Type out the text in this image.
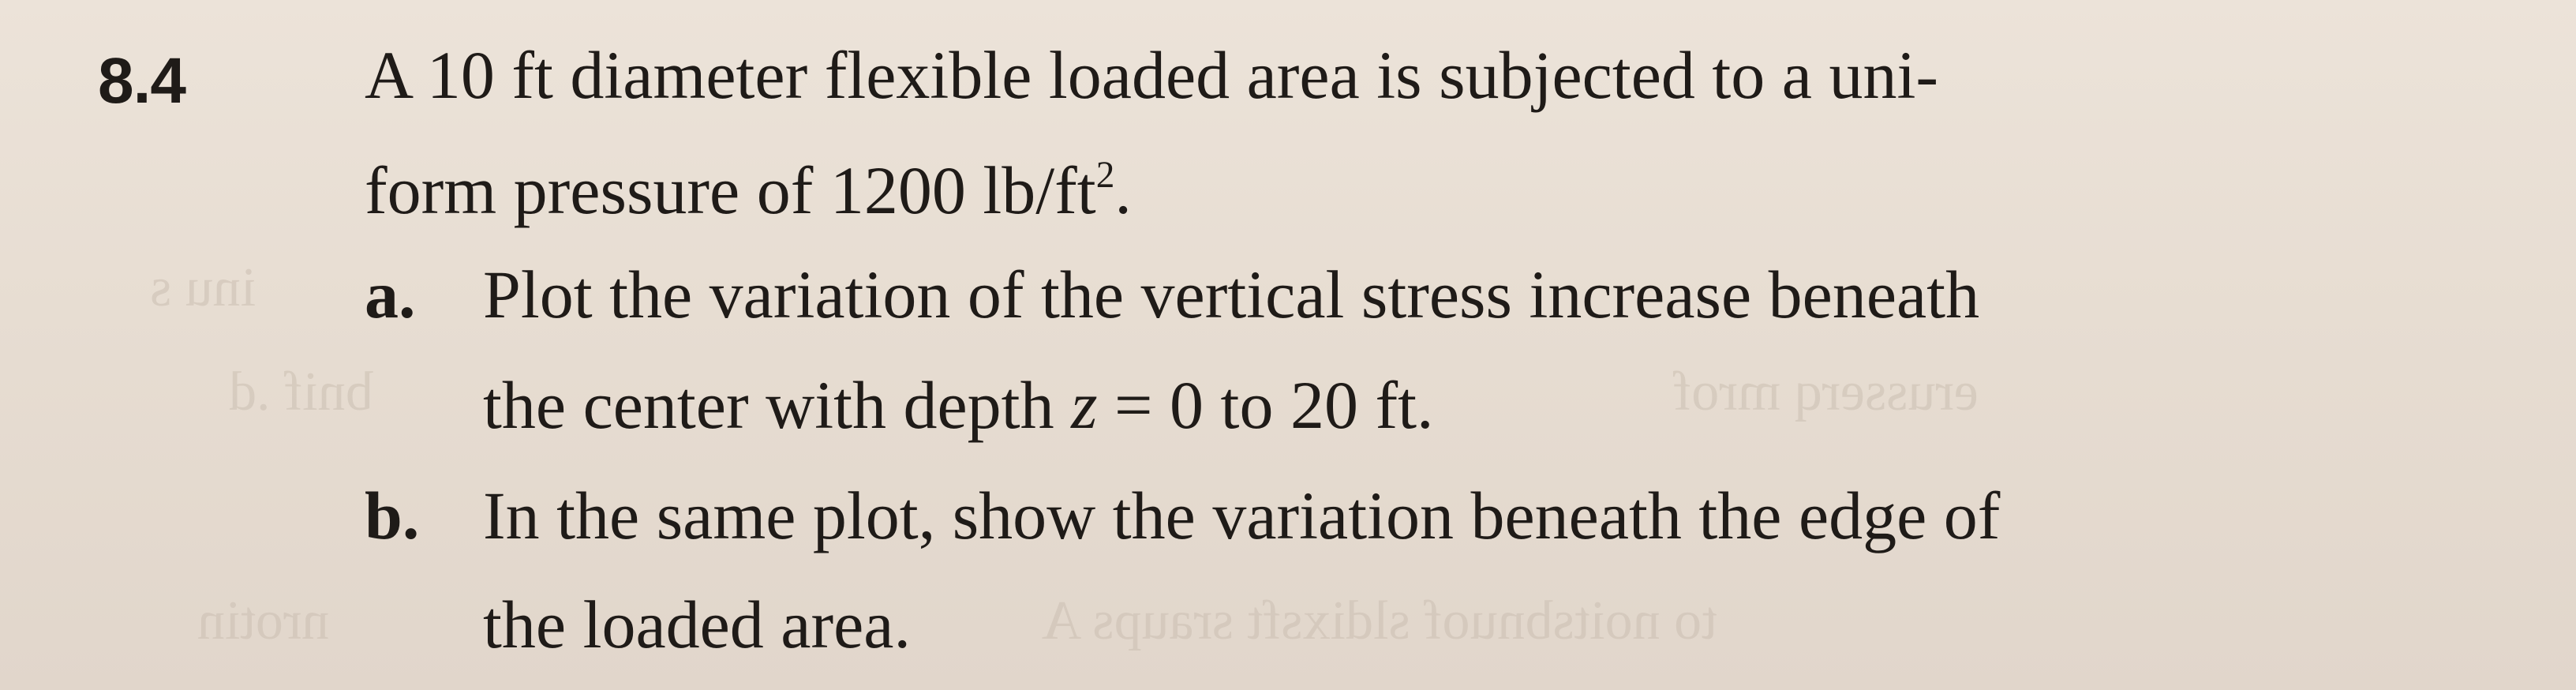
inu s
bnif .d	erusserq mrof
nrotin	to noitsbnuof sldixsft sraups A
8.4	A 10 ft diameter flexible loaded area is subjected to a uni-
form pressure of 1200 $lb/ft^2$.
a. Plot the variation of the vertical stress increase beneath
the center with depth z = 0 to 20 ft.
b. In the same plot, show the variation beneath the edge of
the loaded area.
